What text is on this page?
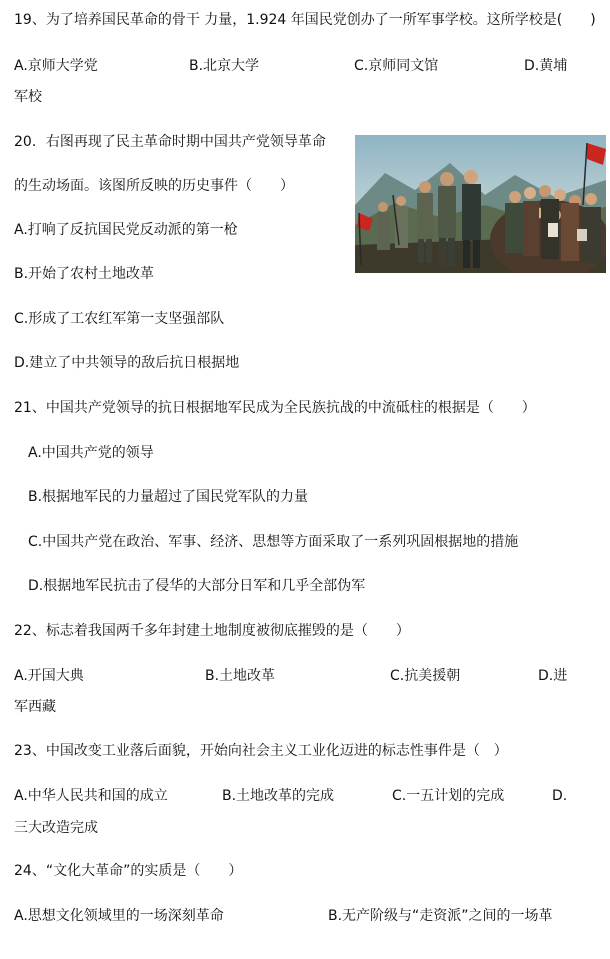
19、为了培养国民革命的骨干 力量，1.924 年国民党创办了一所军事学校。这所学校是(　　)
A.京师大学党	B.北京大学	C.京师同文馆	D.黄埔
军校
20．右图再现了民主革命时期中国共产党领导革命
的生动场面。该图所反映的历史事件（　　）
A.打响了反抗国民党反动派的第一枪
B.开始了农村土地改革
C.形成了工农红军第一支坚强部队
D.建立了中共领导的敌后抗日根据地
21、中国共产党领导的抗日根据地军民成为全民族抗战的中流砥柱的根据是（　　）
A.中国共产党的领导
B.根据地军民的力量超过了国民党军队的力量
C.中国共产党在政治、军事、经济、思想等方面采取了一系列巩固根据地的措施
D.根据地军民抗击了侵华的大部分日军和几乎全部伪军
22、标志着我国两千多年封建土地制度被彻底摧毁的是（　　）
A.开国大典	B.土地改革	C.抗美援朝	D.进
军西藏
23、中国改变工业落后面貌，开始向社会主义工业化迈进的标志性事件是（　）
A.中华人民共和国的成立	B.土地改革的完成	C.一五计划的完成	D.
三大改造完成
24、“文化大革命”的实质是（　　）
A.思想文化领域里的一场深刻革命	B.无产阶级与“走资派”之间的一场革
